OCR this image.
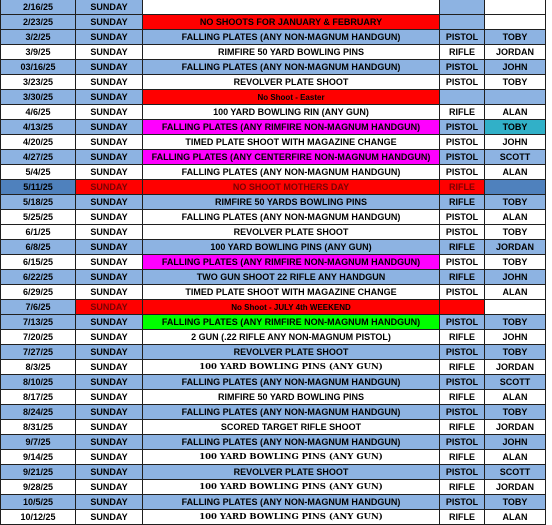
2/16/25	SUNDAY			
2/23/25	SUNDAY	NO SHOOTS FOR JANUARY & FEBRUARY		
3/2/25	SUNDAY	FALLING PLATES (ANY NON-MAGNUM HANDGUN)	PISTOL	TOBY
3/9/25	SUNDAY	RIMFIRE 50 YARD BOWLING PINS	RIFLE	JORDAN
03/16/25	SUNDAY	FALLING PLATES (ANY NON-MAGNUM HANDGUN)	PISTOL	JOHN
3/23/25	SUNDAY	REVOLVER PLATE SHOOT	PISTOL	TOBY
3/30/25	SUNDAY	No Shoot - Easter		
4/6/25	SUNDAY	100 YARD BOWLING RIN (ANY GUN)	RIFLE	ALAN
4/13/25	SUNDAY	FALLING PLATES (ANY RIMFIRE NON-MAGNUM HANDGUN)	PISTOL	TOBY
4/20/25	SUNDAY	TIMED PLATE SHOOT WITH MAGAZINE CHANGE	PISTOL	JOHN
4/27/25	SUNDAY	FALLING PLATES (ANY CENTERFIRE NON-MAGNUM HANDGUN)	PISTOL	SCOTT
5/4/25	SUNDAY	FALLING PLATES (ANY NON-MAGNUM HANDGUN)	PISTOL	ALAN
5/11/25	SUNDAY	NO SHOOT MOTHERS DAY	RIFLE	
5/18/25	SUNDAY	RIMFIRE 50 YARDS BOWLING PINS	RIFLE	TOBY
5/25/25	SUNDAY	FALLING PLATES (ANY NON-MAGNUM HANDGUN)	PISTOL	ALAN
6/1/25	SUNDAY	REVOLVER PLATE SHOOT	PISTOL	TOBY
6/8/25	SUNDAY	100 YARD BOWLING PINS (ANY GUN)	RIFLE	JORDAN
6/15/25	SUNDAY	FALLING PLATES (ANY RIMFIRE NON-MAGNUM HANDGUN)	PISTOL	TOBY
6/22/25	SUNDAY	TWO GUN SHOOT 22 RIFLE ANY HANDGUN	RIFLE	JOHN
6/29/25	SUNDAY	TIMED PLATE SHOOT WITH MAGAZINE CHANGE	PISTOL	ALAN
7/6/25	SUNDAY	No Shoot - JULY 4th WEEKEND		
7/13/25	SUNDAY	FALLING PLATES (ANY RIMFIRE NON-MAGNUM HANDGUN)	PISTOL	TOBY
7/20/25	SUNDAY	2 GUN (.22 RIFLE ANY NON-MAGNUM PISTOL)	RIFLE	JOHN
7/27/25	SUNDAY	REVOLVER PLATE SHOOT	PISTOL	TOBY
8/3/25	SUNDAY	100 YARD BOWLING PINS (ANY GUN)	RIFLE	JORDAN
8/10/25	SUNDAY	FALLING PLATES (ANY NON-MAGNUM HANDGUN)	PISTOL	SCOTT
8/17/25	SUNDAY	RIMFIRE 50 YARD BOWLING PINS	RIFLE	ALAN
8/24/25	SUNDAY	FALLING PLATES (ANY NON-MAGNUM HANDGUN)	PISTOL	TOBY
8/31/25	SUNDAY	SCORED TARGET RIFLE SHOOT	RIFLE	JORDAN
9/7/25	SUNDAY	FALLING PLATES (ANY NON-MAGNUM HANDGUN)	PISTOL	JOHN
9/14/25	SUNDAY	100 YARD BOWLING PINS (ANY GUN)	RIFLE	ALAN
9/21/25	SUNDAY	REVOLVER PLATE SHOOT	PISTOL	SCOTT
9/28/25	SUNDAY	100 YARD BOWLING PINS (ANY GUN)	RIFLE	JORDAN
10/5/25	SUNDAY	FALLING PLATES (ANY NON-MAGNUM HANDGUN)	PISTOL	TOBY
10/12/25	SUNDAY	100 YARD BOWLING PINS (ANY GUN)	RIFLE	ALAN
